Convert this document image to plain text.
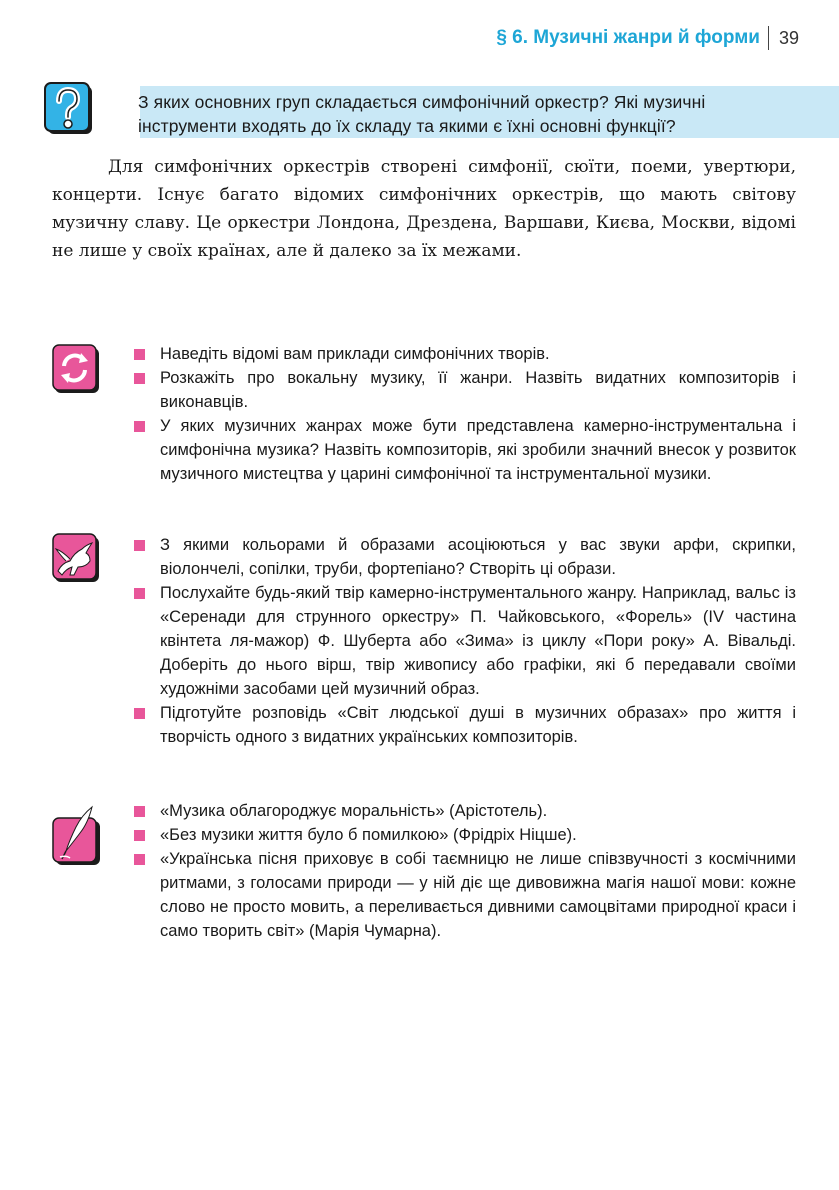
§ 6. Музичні жанри й форми 39
З яких основних груп складається симфонічний оркестр? Які музичні інструменти входять до їх складу та якими є їхні основні функції?

Для симфонічних оркестрів створені симфонії, сюїти, поеми, увертюри, концерти. Існує багато відомих симфонічних оркестрів, що мають світову музичну славу. Це оркестри Лондона, Дрездена, Варшави, Києва, Москви, відомі не лише у своїх країнах, але й далеко за їх межами.

Наведіть відомі вам приклади симфонічних творів.
Розкажіть про вокальну музику, її жанри. Назвіть видатних композиторів і виконавців.
У яких музичних жанрах може бути представлена камерно-інструментальна і симфонічна музика? Назвіть композиторів, які зробили значний внесок у розвиток музичного мистецтва у царині симфонічної та інструментальної музики.
З якими кольорами й образами асоціюються у вас звуки арфи, скрипки, віолончелі, сопілки, труби, фортепіано? Створіть ці образи.
Послухайте будь-який твір камерно-інструментального жанру. Наприклад, вальс із «Серенади для струнного оркестру» П. Чайковського, «Форель» (IV частина квінтета ля-мажор) Ф. Шуберта або «Зима» із циклу «Пори року» А. Вівальді. Доберіть до нього вірш, твір живопису або графіки, які б передавали своїми художніми засобами цей музичний образ.
Підготуйте розповідь «Світ людської душі в музичних образах» про життя і творчість одного з видатних українських композиторів.
«Музика облагороджує моральність» (Арістотель).
«Без музики життя було б помилкою» (Фрідріх Ніцше).
«Українська пісня приховує в собі таємницю не лише співзвучності з космічними ритмами, з голосами природи — у ній діє ще дивовижна магія нашої мови: кожне слово не просто мовить, а переливається дивними самоцвітами природної краси і само творить світ» (Марія Чумарна).
